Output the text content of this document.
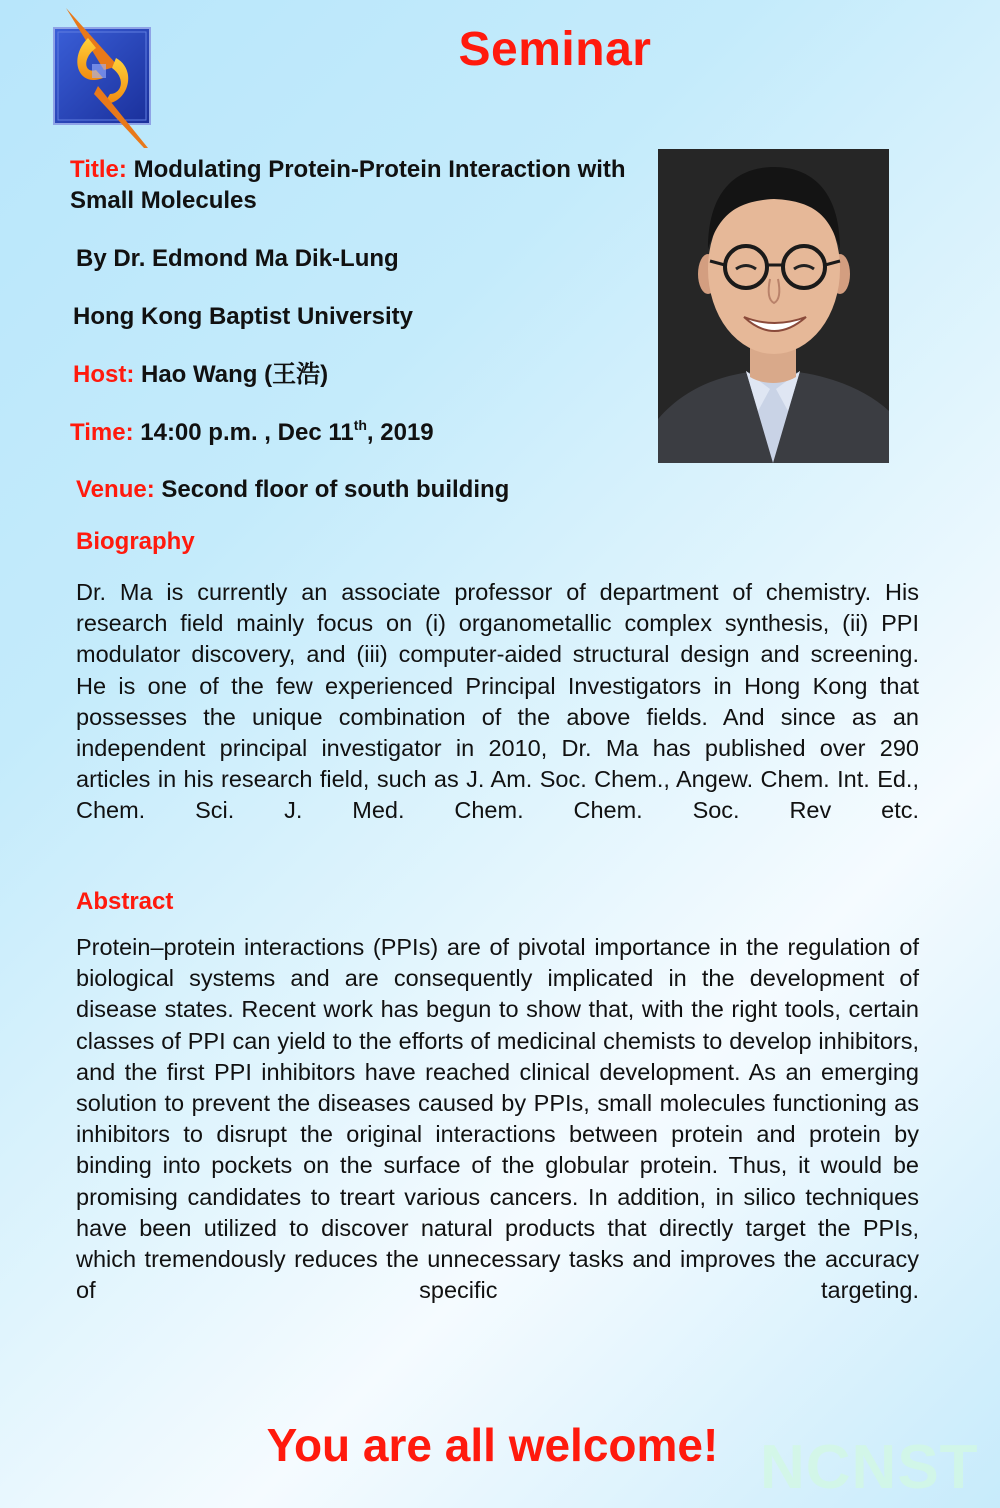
Seminar
Title: Modulating Protein-Protein Interaction with Small Molecules
By Dr. Edmond Ma Dik-Lung
Hong Kong Baptist University
Host: Hao Wang (王浩)
Time: 14:00 p.m. , Dec 11th, 2019
Venue: Second floor of south building
Biography
Dr. Ma is currently an associate professor of department of chemistry. His research field mainly focus on (i) organometallic complex synthesis, (ii) PPI modulator discovery, and (iii) computer-aided structural design and screening. He is one of the few experienced Principal Investigators in Hong Kong that possesses the unique combination of the above fields. And since as an independent principal investigator in 2010, Dr. Ma has published over 290 articles in his research field, such as J. Am. Soc. Chem., Angew. Chem. Int. Ed., Chem. Sci. J. Med. Chem. Chem. Soc. Rev etc.
Abstract
Protein–protein interactions (PPIs) are of pivotal importance in the regulation of biological systems and are consequently implicated in the development of disease states. Recent work has begun to show that, with the right tools, certain classes of PPI can yield to the efforts of medicinal chemists to develop inhibitors, and the first PPI inhibitors have reached clinical development. As an emerging solution to prevent the diseases caused by PPIs, small molecules functioning as inhibitors to disrupt the original interactions between protein and protein by binding into pockets on the surface of the globular protein. Thus, it would be promising candidates to treart various cancers. In addition, in silico techniques have been utilized to discover natural products that directly target the PPIs, which tremendously reduces the unnecessary tasks and improves the accuracy of specific targeting.
You are all welcome! NCNST
